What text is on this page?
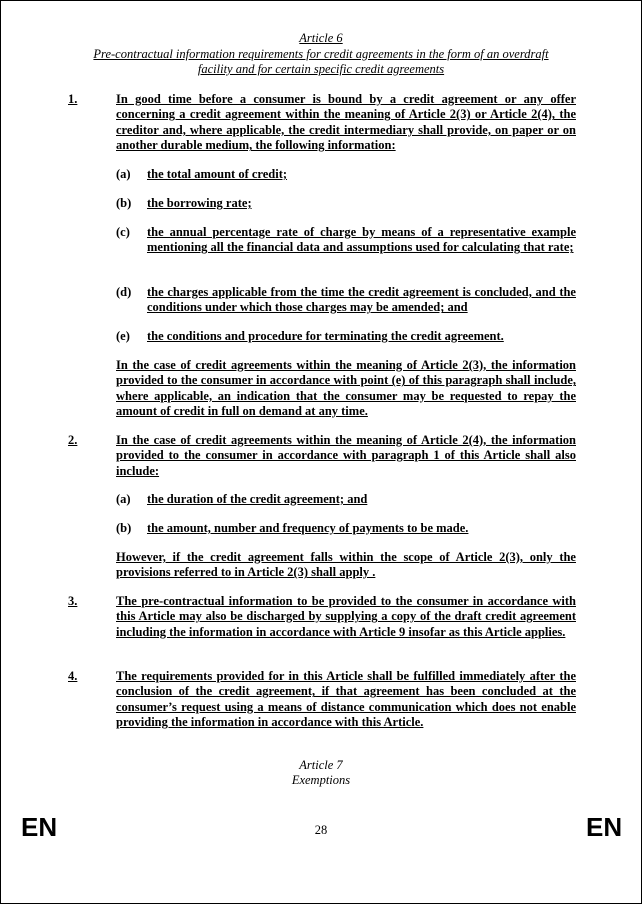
Article 6
Pre-contractual information requirements for credit agreements in the form of an overdraft
facility and for certain specific credit agreements
1.	In good time before a consumer is bound by a credit agreement or any offer concerning a credit agreement within the meaning of Article 2(3) or Article 2(4), the creditor and, where applicable, the credit intermediary shall provide, on paper or on another durable medium, the following information:
(a) the total amount of credit;
(b) the borrowing rate;
(c) the annual percentage rate of charge by means of a representative example mentioning all the financial data and assumptions used for calculating that rate;
(d) the charges applicable from the time the credit agreement is concluded, and the conditions under which those charges may be amended; and
(e) the conditions and procedure for terminating the credit agreement.
In the case of credit agreements within the meaning of Article 2(3), the information provided to the consumer in accordance with point (e) of this paragraph shall include, where applicable, an indication that the consumer may be requested to repay the amount of credit in full on demand at any time.
2.	In the case of credit agreements within the meaning of Article 2(4), the information provided to the consumer in accordance with paragraph 1 of this Article shall also include:
(a) the duration of the credit agreement; and
(b) the amount, number and frequency of payments to be made.
However, if the credit agreement falls within the scope of Article 2(3), only the provisions referred to in Article 2(3) shall apply .
3.	The pre-contractual information to be provided to the consumer in accordance with this Article may also be discharged by supplying a copy of the draft credit agreement including the information in accordance with Article 9 insofar as this Article applies.
4.	The requirements provided for in this Article shall be fulfilled immediately after the conclusion of the credit agreement, if that agreement has been concluded at the consumer’s request using a means of distance communication which does not enable providing the information in accordance with this Article.
Article 7
Exemptions
EN	28	EN
